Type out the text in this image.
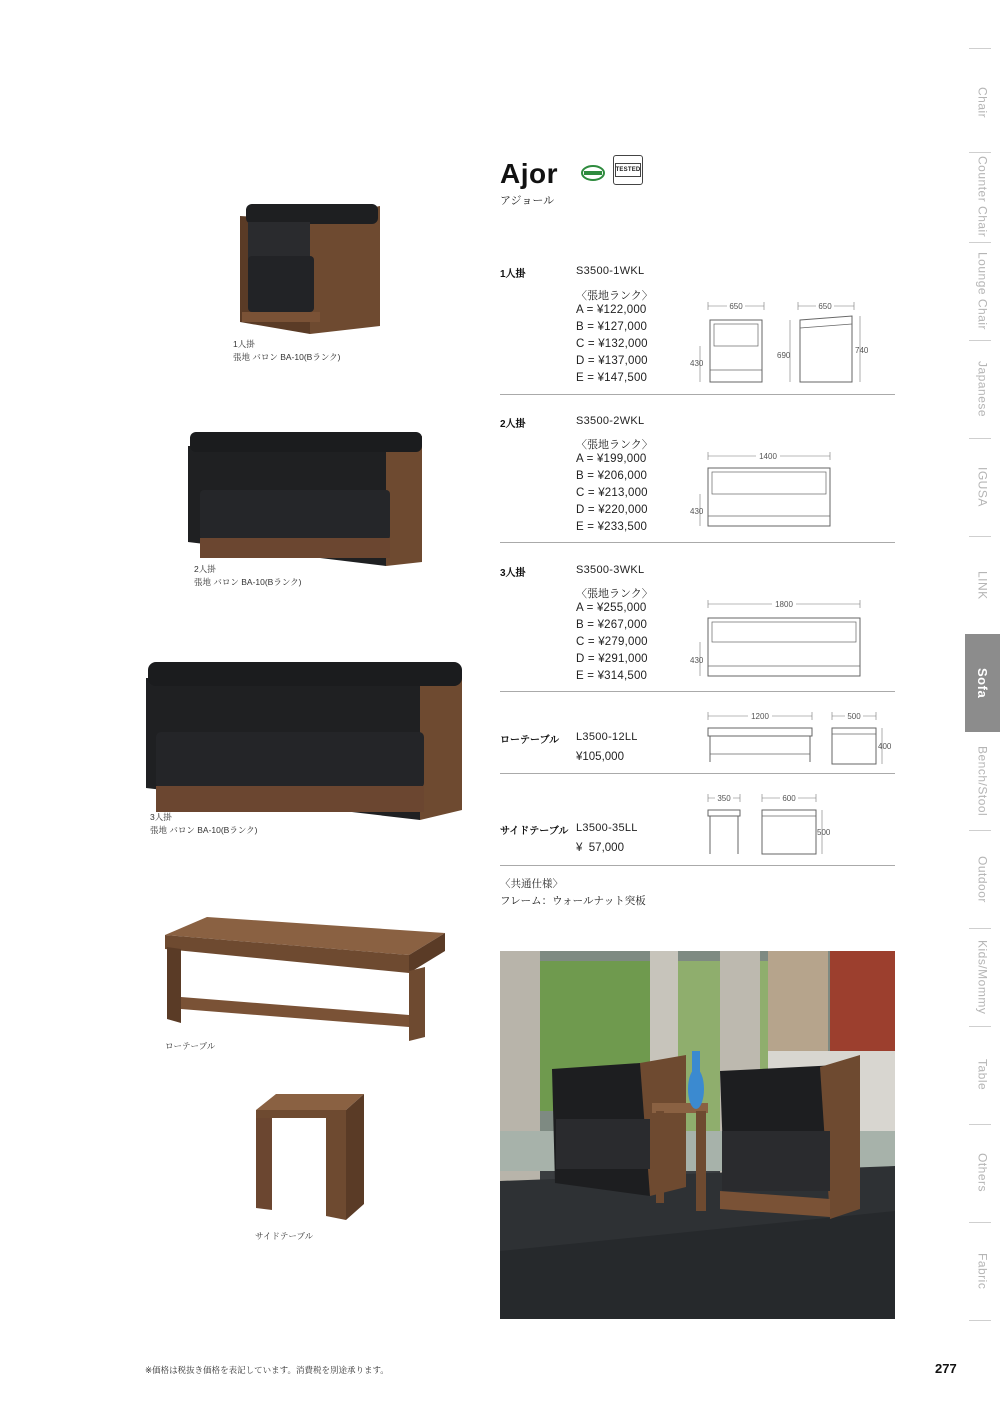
Chair
Counter Chair
Lounge Chair
Japanese
IGUSA
LINK
Sofa
Bench/Stool
Outdoor
Kids/Mommy
Table
Others
Fabric
1人掛
張地 バロン BA-10(Bランク)
2人掛
張地 バロン BA-10(Bランク)
3人掛
張地 バロン BA-10(Bランク)
ローテーブル
サイドテーブル
Ajor
アジョール
TESTED
1人掛	S3500-1WKL
〈張地ランク〉
A = ¥122,000
B = ¥127,000
C = ¥132,000
D = ¥137,000
E = ¥147,500
650
430
650
690
740
2人掛	S3500-2WKL
〈張地ランク〉
A = ¥199,000
B = ¥206,000
C = ¥213,000
D = ¥220,000
E = ¥233,500
1400
430
3人掛	S3500-3WKL
〈張地ランク〉
A = ¥255,000
B = ¥267,000
C = ¥279,000
D = ¥291,000
E = ¥314,500
1800
430
ローテーブル L3500-12LL
¥105,000
1200	500
400
サイドテーブル L3500-35LL
¥  57,000
350	600
500
〈共通仕様〉
フレーム：ウォールナット突板
※価格は税抜き価格を表記しています。消費税を別途承ります。	277
